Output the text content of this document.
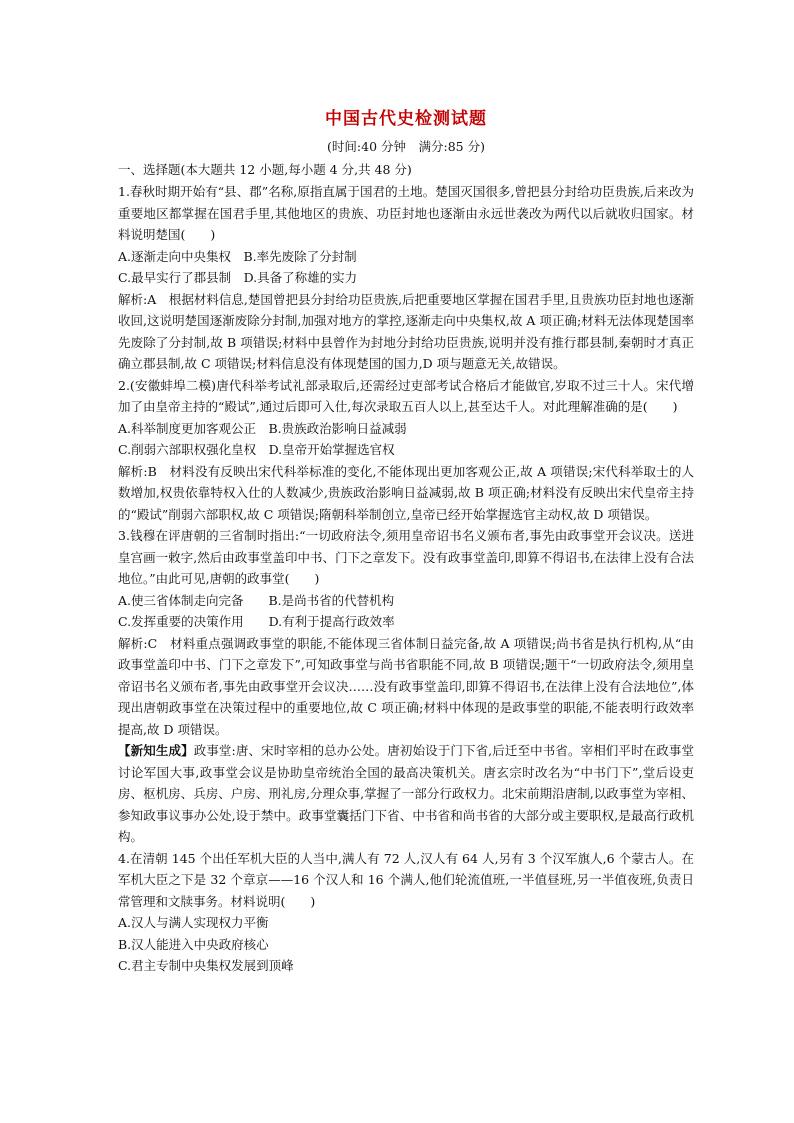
中国古代史检测试题
(时间:40 分钟　满分:85 分)
一、选择题(本大题共 12 小题,每小题 4 分,共 48 分)

1.春秋时期开始有“县、郡”名称,原指直属于国君的土地。楚国灭国很多,曾把县分封给功臣贵族,后来改为重要地区都掌握在国君手里,其他地区的贵族、功臣封地也逐渐由永远世袭改为两代以后就收归国家。材料说明楚国(　　)

A.逐渐走向中央集权　B.率先废除了分封制

C.最早实行了郡县制　D.具备了称雄的实力

解析:A　根据材料信息,楚国曾把县分封给功臣贵族,后把重要地区掌握在国君手里,且贵族功臣封地也逐渐收回,这说明楚国逐渐废除分封制,加强对地方的掌控,逐渐走向中央集权,故 A 项正确;材料无法体现楚国率先废除了分封制,故 B 项错误;材料中县曾作为封地分封给功臣贵族,说明并没有推行郡县制,秦朝时才真正确立郡县制,故 C 项错误;材料信息没有体现楚国的国力,D 项与题意无关,故错误。

2.(安徽蚌埠二模)唐代科举考试礼部录取后,还需经过吏部考试合格后才能做官,岁取不过三十人。宋代增加了由皇帝主持的“殿试”,通过后即可入仕,每次录取五百人以上,甚至达千人。对此理解准确的是(　　)

A.科举制度更加客观公正　B.贵族政治影响日益减弱

C.削弱六部职权强化皇权　D.皇帝开始掌握选官权

解析:B　材料没有反映出宋代科举标准的变化,不能体现出更加客观公正,故 A 项错误;宋代科举取士的人数增加,权贵依靠特权入仕的人数减少,贵族政治影响日益减弱,故 B 项正确;材料没有反映出宋代皇帝主持的“殿试”削弱六部职权,故 C 项错误;隋朝科举制创立,皇帝已经开始掌握选官主动权,故 D 项错误。

3.钱穆在评唐朝的三省制时指出:“一切政府法令,须用皇帝诏书名义颁布者,事先由政事堂开会议决。送进皇宫画一敕字,然后由政事堂盖印中书、门下之章发下。没有政事堂盖印,即算不得诏书,在法律上没有合法地位。”由此可见,唐朝的政事堂(　　)

A.使三省体制走向完备　　B.是尚书省的代替机构

C.发挥重要的决策作用　　D.有利于提高行政效率

解析:C　材料重点强调政事堂的职能,不能体现三省体制日益完备,故 A 项错误;尚书省是执行机构,从“由政事堂盖印中书、门下之章发下”,可知政事堂与尚书省职能不同,故 B 项错误;题干“一切政府法令,须用皇帝诏书名义颁布者,事先由政事堂开会议决……没有政事堂盖印,即算不得诏书,在法律上没有合法地位”,体现出唐朝政事堂在决策过程中的重要地位,故 C 项正确;材料中体现的是政事堂的职能,不能表明行政效率提高,故 D 项错误。

【新知生成】政事堂:唐、宋时宰相的总办公处。唐初始设于门下省,后迁至中书省。宰相们平时在政事堂讨论军国大事,政事堂会议是协助皇帝统治全国的最高决策机关。唐玄宗时改名为“中书门下”,堂后设吏房、枢机房、兵房、户房、刑礼房,分理众事,掌握了一部分行政权力。北宋前期沿唐制,以政事堂为宰相、参知政事议事办公处,设于禁中。政事堂囊括门下省、中书省和尚书省的大部分或主要职权,是最高行政机构。

4.在清朝 145 个出任军机大臣的人当中,满人有 72 人,汉人有 64 人,另有 3 个汉军旗人,6 个蒙古人。在军机大臣之下是 32 个章京——16 个汉人和 16 个满人,他们轮流值班,一半值昼班,另一半值夜班,负责日常管理和文牍事务。材料说明(　　)

A.汉人与满人实现权力平衡

B.汉人能进入中央政府核心

C.君主专制中央集权发展到顶峰
